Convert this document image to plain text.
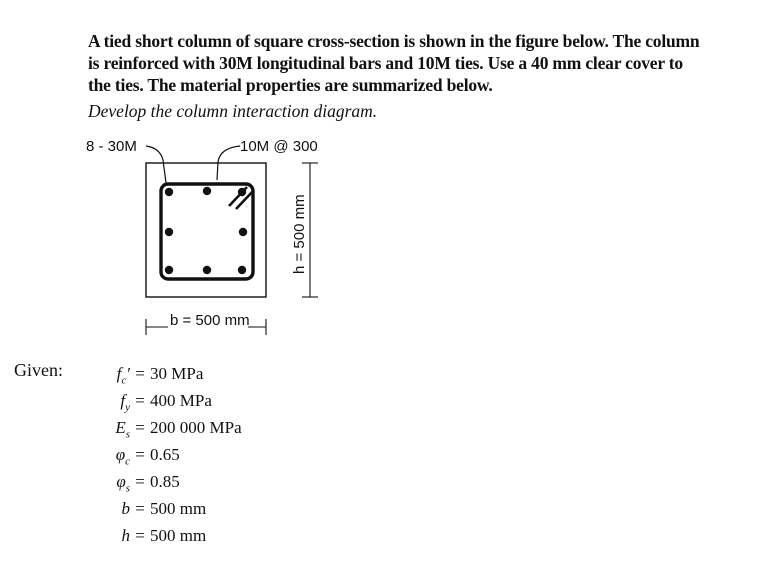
A tied short column of square cross-section is shown in the figure below. The column
is reinforced with 30M longitudinal bars and 10M ties. Use a 40 mm clear cover to
the ties. The material properties are summarized below.
Develop the column interaction diagram.
8 - 30M	10M @ 300
b = 500 mm
h = 500 mm
Given:	$f_c' = 30$ MPa
$f_y = 400$ MPa
$E_s = 200$ 000 MPa
$\varphi_c = 0.65$
$\varphi_s = 0.85$
b = 500 mm
h = 500 mm
